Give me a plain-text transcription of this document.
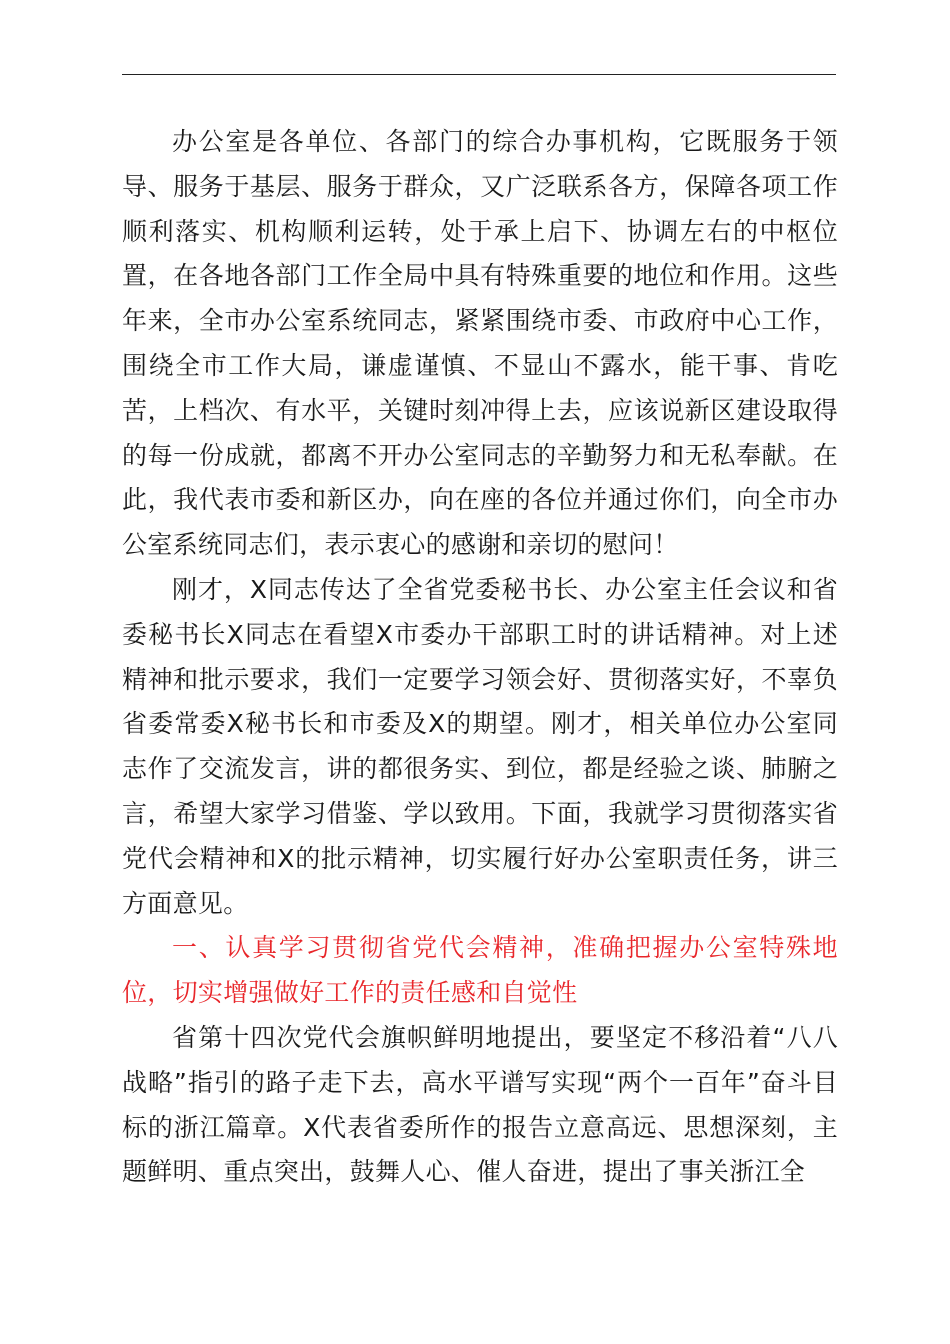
办公室是各单位、各部门的综合办事机构，它既服务于领导、服务于基层、服务于群众，又广泛联系各方，保障各项工作顺利落实、机构顺利运转，处于承上启下、协调左右的中枢位置，在各地各部门工作全局中具有特殊重要的地位和作用。这些年来，全市办公室系统同志，紧紧围绕市委、市政府中心工作，围绕全市工作大局，谦虚谨慎、不显山不露水，能干事、肯吃苦，上档次、有水平，关键时刻冲得上去，应该说新区建设取得的每一份成就，都离不开办公室同志的辛勤努力和无私奉献。在此，我代表市委和新区办，向在座的各位并通过你们，向全市办公室系统同志们，表示衷心的感谢和亲切的慰问！

刚才，X同志传达了全省党委秘书长、办公室主任会议和省委秘书长X同志在看望X市委办干部职工时的讲话精神。对上述精神和批示要求，我们一定要学习领会好、贯彻落实好，不辜负省委常委X秘书长和市委及X的期望。刚才，相关单位办公室同志作了交流发言，讲的都很务实、到位，都是经验之谈、肺腑之言，希望大家学习借鉴、学以致用。下面，我就学习贯彻落实省党代会精神和X的批示精神，切实履行好办公室职责任务，讲三方面意见。

一、认真学习贯彻省党代会精神，准确把握办公室特殊地位，切实增强做好工作的责任感和自觉性

省第十四次党代会旗帜鲜明地提出，要坚定不移沿着“八八战略”指引的路子走下去，高水平谱写实现“两个一百年”奋斗目标的浙江篇章。X代表省委所作的报告立意高远、思想深刻，主题鲜明、重点突出，鼓舞人心、催人奋进，提出了事关浙江全
